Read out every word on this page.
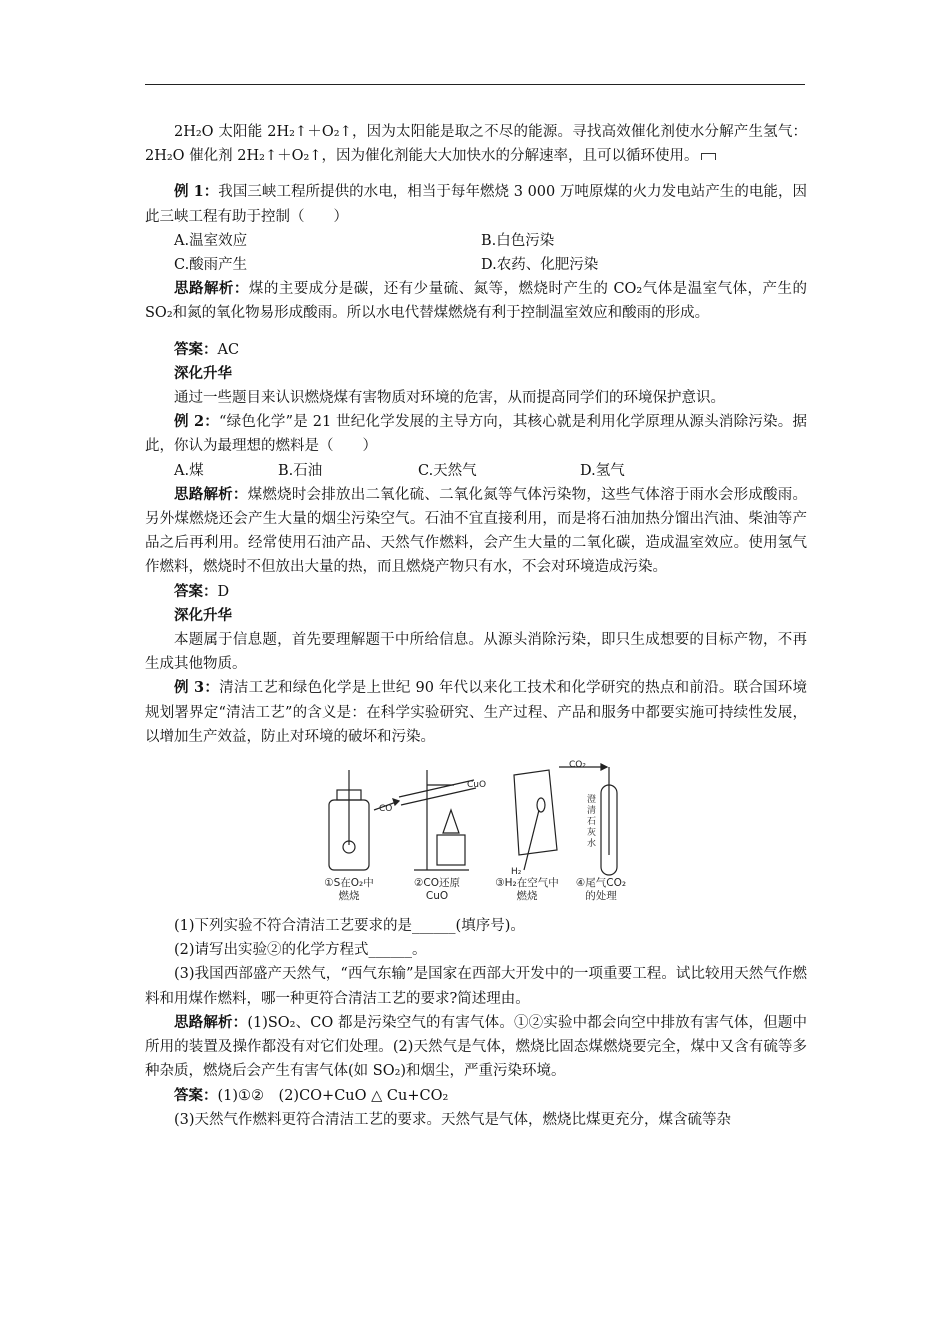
2H₂O 太阳能 2H₂↑＋O₂↑，因为太阳能是取之不尽的能源。寻找高效催化剂使水分解产生氢气：2H₂O 催化剂 2H₂↑＋O₂↑，因为催化剂能大大加快水的分解速率，且可以循环使用。

例 1：我国三峡工程所提供的水电，相当于每年燃烧 3 000 万吨原煤的火力发电站产生的电能，因此三峡工程有助于控制（　　）

A.温室效应	B.白色污染
C.酸雨产生	D.农药、化肥污染

思路解析：煤的主要成分是碳，还有少量硫、氮等，燃烧时产生的 CO₂气体是温室气体，产生的 SO₂和氮的氧化物易形成酸雨。所以水电代替煤燃烧有利于控制温室效应和酸雨的形成。

答案：AC

深化升华

通过一些题目来认识燃烧煤有害物质对环境的危害，从而提高同学们的环境保护意识。

例 2：“绿色化学”是 21 世纪化学发展的主导方向，其核心就是利用化学原理从源头消除污染。据此，你认为最理想的燃料是（　　）

A.煤	B.石油	C.天然气	D.氢气

思路解析：煤燃烧时会排放出二氧化硫、二氧化氮等气体污染物，这些气体溶于雨水会形成酸雨。另外煤燃烧还会产生大量的烟尘污染空气。石油不宜直接利用，而是将石油加热分馏出汽油、柴油等产品之后再利用。经常使用石油产品、天然气作燃料，会产生大量的二氧化碳，造成温室效应。使用氢气作燃料，燃烧时不但放出大量的热，而且燃烧产物只有水，不会对环境造成污染。

答案：D

深化升华

本题属于信息题，首先要理解题干中所给信息。从源头消除污染，即只生成想要的目标产物，不再生成其他物质。

例 3：清洁工艺和绿色化学是上世纪 90 年代以来化工技术和化学研究的热点和前沿。联合国环境规划署界定“清洁工艺”的含义是：在科学实验研究、生产过程、产品和服务中都要实施可持续性发展，以增加生产效益，防止对环境的破坏和污染。

CO
CuO
H₂
CO₂
澄清石灰水
①S在O₂中燃烧
②CO还原CuO
③H₂在空气中燃烧
④尾气CO₂的处理

(1)下列实验不符合清洁工艺要求的是______(填序号)。

(2)请写出实验②的化学方程式______。

(3)我国西部盛产天然气，“西气东输”是国家在西部大开发中的一项重要工程。试比较用天然气作燃料和用煤作燃料，哪一种更符合清洁工艺的要求?简述理由。

思路解析：(1)SO₂、CO 都是污染空气的有害气体。①②实验中都会向空中排放有害气体，但题中所用的装置及操作都没有对它们处理。(2)天然气是气体，燃烧比固态煤燃烧要完全，煤中又含有硫等多种杂质，燃烧后会产生有害气体(如 SO₂)和烟尘，严重污染环境。

答案：(1)①②　(2)CO+CuO △ Cu+CO₂

(3)天然气作燃料更符合清洁工艺的要求。天然气是气体，燃烧比煤更充分，煤含硫等杂
